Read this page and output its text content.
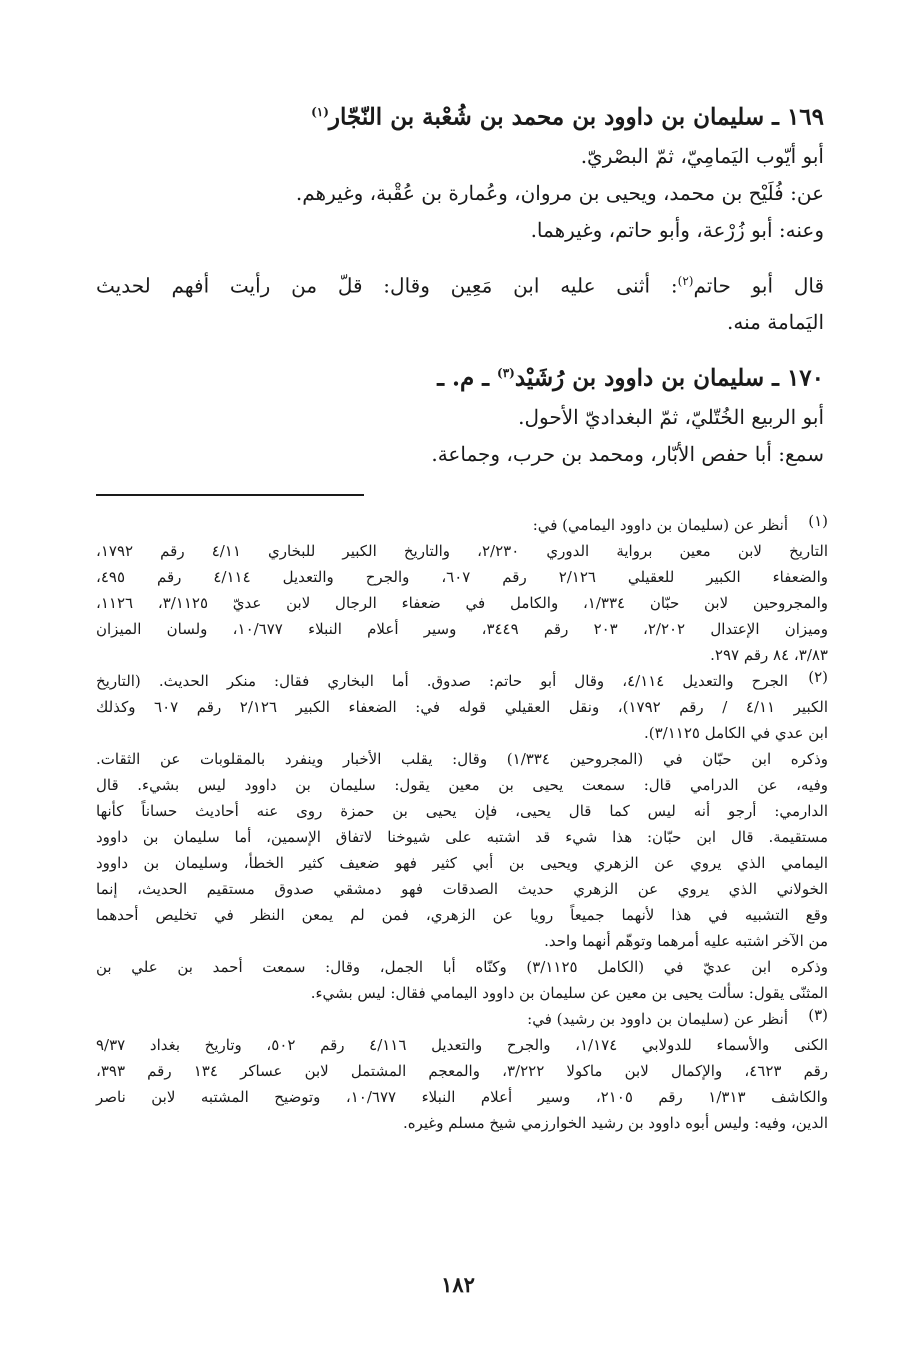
١٦٩ ـ سليمان بن داوود بن محمد بن شُعْبة بن النّجّار$^{(١)}$
أبو أيّوب اليَمامِيّ، ثمّ البصْريّ.
عن: فُلَيْح بن محمد، ويحيى بن مروان، وعُمارة بن عُقْبة، وغيرهم.
وعنه: أبو زُرْعة، وأبو حاتم، وغيرهما.
قال أبو حاتم$^{(٢)}$: أثنى عليه ابن مَعِين وقال: قلّ من رأيت أفهم لحديث
اليَمامة منه.
١٧٠ ـ سليمان بن داوود بن رُشَيْد$^{(٣)}$ ـ م. ـ
أبو الربيع الخُتّليّ، ثمّ البغداديّ الأحول.
سمع: أبا حفص الأبّار، ومحمد بن حرب، وجماعة.
(١)
أنظر عن (سليمان بن داوود اليمامي) في:
التاريخ لابن معين برواية الدوري ٢/٢٣٠، والتاريخ الكبير للبخاري ٤/١١ رقم ١٧٩٢،
والضعفاء الكبير للعقيلي ٢/١٢٦ رقم ٦٠٧، والجرح والتعديل ٤/١١٤ رقم ٤٩٥،
والمجروحين لابن حبّان ١/٣٣٤، والكامل في ضعفاء الرجال لابن عديّ ٣/١١٢٥، ١١٢٦،
وميزان الإعتدال ٢/٢٠٢، ٢٠٣ رقم ٣٤٤٩، وسير أعلام النبلاء ١٠/٦٧٧، ولسان الميزان
٣/٨٣، ٨٤ رقم ٢٩٧.
(٢)
الجرح والتعديل ٤/١١٤، وقال أبو حاتم: صدوق. أما البخاري فقال: منكر الحديث. (التاريخ
الكبير ٤/١١ / رقم ١٧٩٢)، ونقل العقيلي قوله في: الضعفاء الكبير ٢/١٢٦ رقم ٦٠٧ وكذلك
ابن عدي في الكامل ٣/١١٢٥).
وذكره ابن حبّان في (المجروحين ١/٣٣٤) وقال: يقلب الأخبار وينفرد بالمقلوبات عن الثقات.
وفيه، عن الدرامي قال: سمعت يحيى بن معين يقول: سليمان بن داوود ليس بشيء. قال
الدارمي: أرجو أنه ليس كما قال يحيى، فإن يحيى بن حمزة روى عنه أحاديث حساناً كأنها
مستقيمة. قال ابن حبّان: هذا شيء قد اشتبه على شيوخنا لاتفاق الإسمين، أما سليمان بن داوود
اليمامي الذي يروي عن الزهري ويحيى بن أبي كثير فهو ضعيف كثير الخطأ، وسليمان بن داوود
الخولاني الذي يروي عن الزهري حديث الصدقات فهو دمشقي صدوق مستقيم الحديث، إنما
وقع التشبيه في هذا لأنهما جميعاً رويا عن الزهري، فمن لم يمعن النظر في تخليص أحدهما
من الآخر اشتبه عليه أمرهما وتوهّم أنهما واحد.
وذكره ابن عديّ في (الكامل ٣/١١٢٥) وكنّاه أبا الجمل، وقال: سمعت أحمد بن علي بن
المثنّى يقول: سألت يحيى بن معين عن سليمان بن داوود اليمامي فقال: ليس بشيء.
(٣)
أنظر عن (سليمان بن داوود بن رشيد) في:
الكنى والأسماء للدولابي ١/١٧٤، والجرح والتعديل ٤/١١٦ رقم ٥٠٢، وتاريخ بغداد ٩/٣٧
رقم ٤٦٢٣، والإكمال لابن ماكولا ٣/٢٢٢، والمعجم المشتمل لابن عساكر ١٣٤ رقم ٣٩٣،
والكاشف ١/٣١٣ رقم ٢١٠٥، وسير أعلام النبلاء ١٠/٦٧٧، وتوضيح المشتبه لابن ناصر
الدين، وفيه: وليس أبوه داوود بن رشيد الخوارزمي شيخ مسلم وغيره.
١٨٢
